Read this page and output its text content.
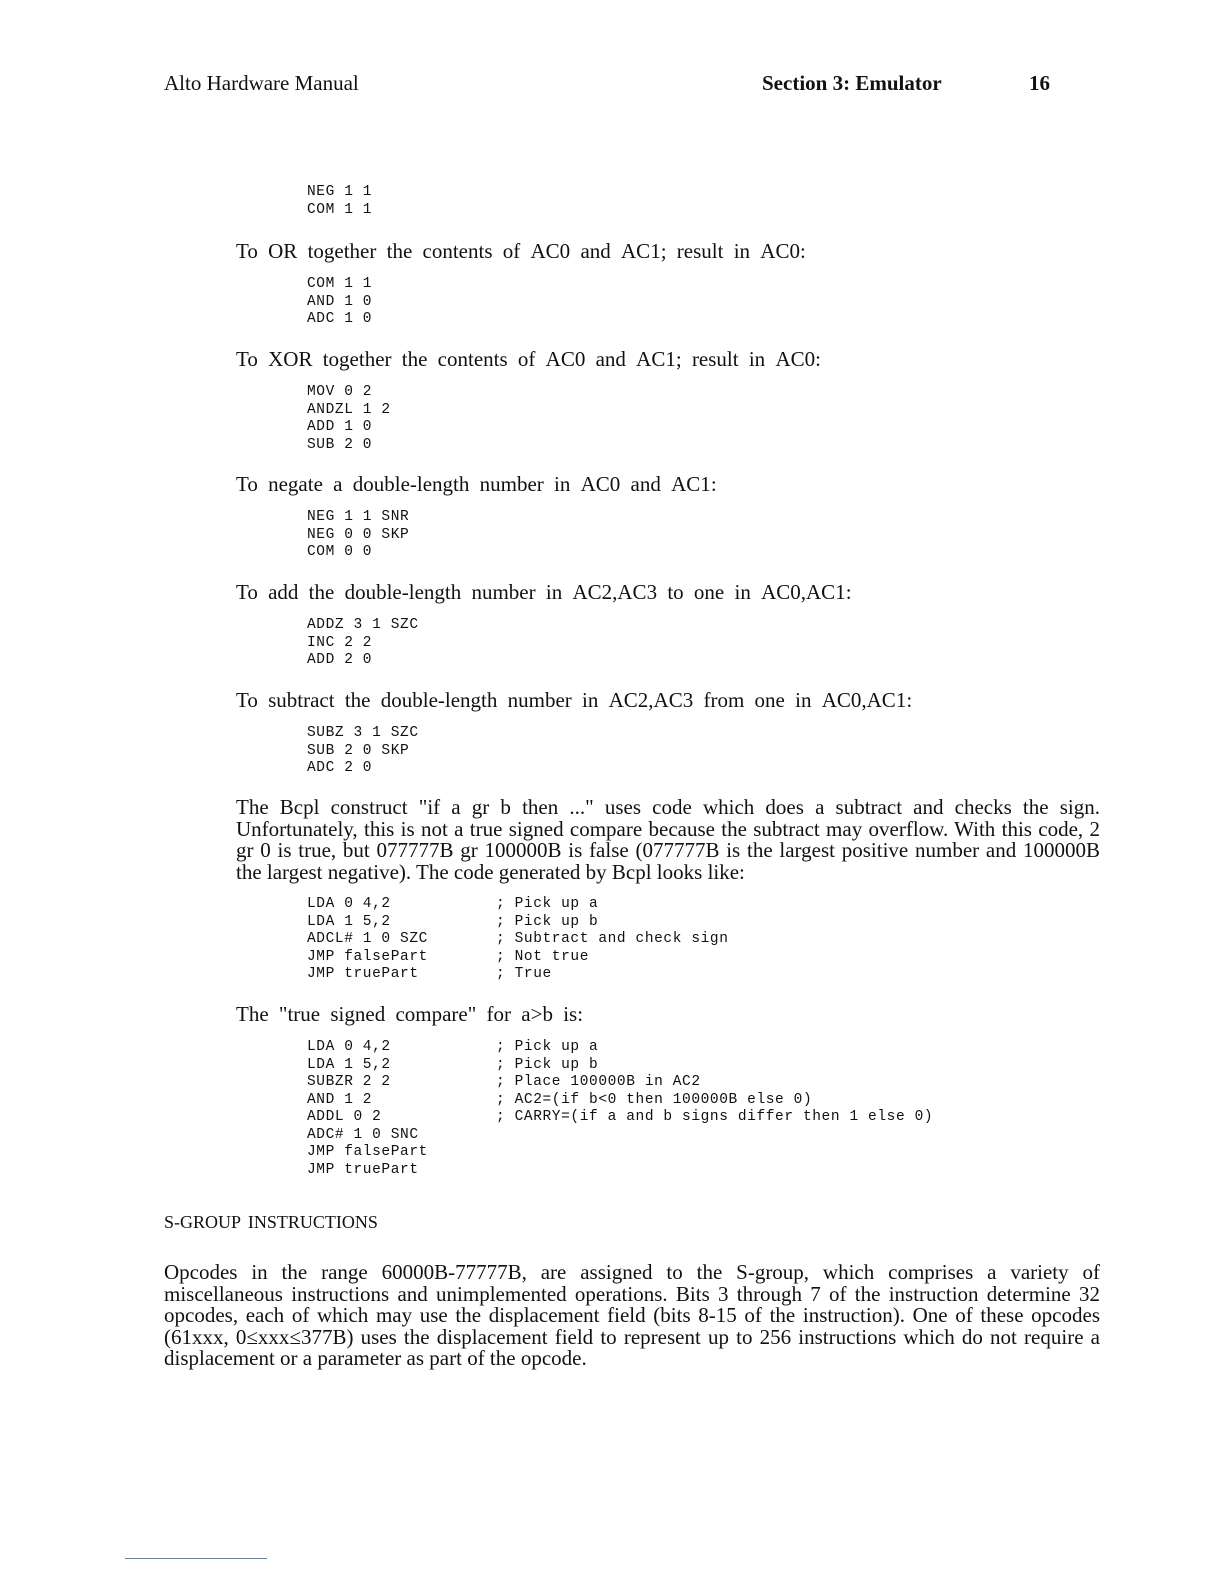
Alto Hardware Manual	Section 3: Emulator	16
NEG 1 1
COM 1 1
To OR together the contents of AC0 and AC1; result in AC0:
COM 1 1
AND 1 0
ADC 1 0
To XOR together the contents of AC0 and AC1; result in AC0:
MOV 0 2
ANDZL 1 2
ADD 1 0
SUB 2 0
To negate a double-length number in AC0 and AC1:
NEG 1 1 SNR
NEG 0 0 SKP
COM 0 0
To add the double-length number in AC2,AC3 to one in AC0,AC1:
ADDZ 3 1 SZC
INC 2 2
ADD 2 0
To subtract the double-length number in AC2,AC3 from one in AC0,AC1:
SUBZ 3 1 SZC
SUB 2 0 SKP
ADC 2 0
The Bcpl construct "if a gr b then ..." uses code which does a subtract and checks the sign. Unfortunately, this is not a true signed compare because the subtract may overflow. With this code, 2 gr 0 is true, but 077777B gr 100000B is false (077777B is the largest positive number and 100000B the largest negative). The code generated by Bcpl looks like:
LDA 0 4,2	; Pick up a
LDA 1 5,2	; Pick up b
ADCL# 1 0 SZC	; Subtract and check sign
JMP falsePart	; Not true
JMP truePart	; True
The "true signed compare" for a>b is:
LDA 0 4,2	; Pick up a
LDA 1 5,2	; Pick up b
SUBZR 2 2	; Place 100000B in AC2
AND 1 2	; AC2=(if b<0 then 100000B else 0)
ADDL 0 2	; CARRY=(if a and b signs differ then 1 else 0)
ADC# 1 0 SNC
JMP falsePart
JMP truePart
S-GROUP INSTRUCTIONS
Opcodes in the range 60000B-77777B, are assigned to the S-group, which comprises a variety of miscellaneous instructions and unimplemented operations. Bits 3 through 7 of the instruction determine 32 opcodes, each of which may use the displacement field (bits 8-15 of the instruction). One of these opcodes (61xxx, 0≤xxx≤377B) uses the displacement field to represent up to 256 instructions which do not require a displacement or a parameter as part of the opcode.
